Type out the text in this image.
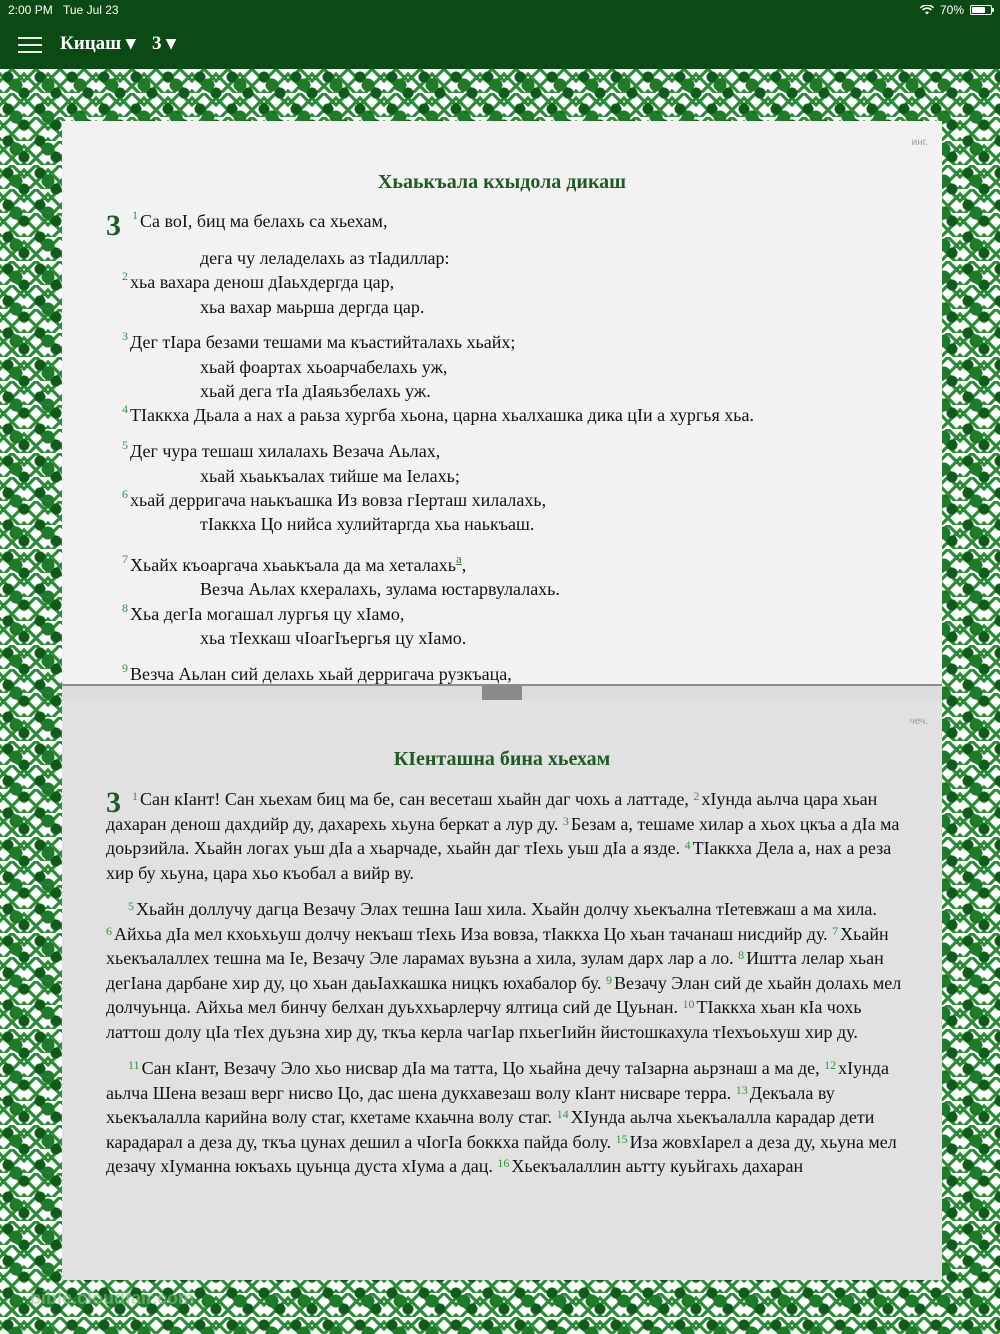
2:00 PM Tue Jul 23	70%
Кицаш ▾ 3 ▾
инг.
Хьаькъала кхыдола дикаш
3 $^1$ Са воI, биц ма белахь са хьехам,
дега чу леладелахь аз тIадиллар:
$^2$ хьа вахара денош дIаьхдергда цар,
хьа вахар маьрша дергда цар.
$^3$ Дег тIара безами тешами ма къастийталахь хьайх;
хьай фоартах хьоарчабелахь уж,
хьай дега тIа дIаяьзбелахь уж.
$^4$ ТIаккха Дьала а нах а раьза хургба хьона, царна хьалхашка дика цIи а хургья хьа.
$^5$ Дег чура тешаш хилалахь Везача Аьлах,
хьай хьаькъалах тийше ма Iелахь;
$^6$ хьай дерригача наькъашка Из вовза гIерташ хилалахь,
тIаккха Цо нийса хулийтаргда хьа наькъаш.
$^7$ Хьайх къоаргача хьаькъала да ма хеталахь$^а$,
Везча Аьлах кхералахь, зулама юстарвулалахь.
$^8$ Хьа дегIа могашал лургья цу хIамо,
хьа тIехкаш чIоагIъергья цу хIамо.
$^9$ Везча Аьлан сий делахь хьай дерригача рузкъаца,
чеч.
КIенташна бина хьехам
3 $^1$ Сан кIант! Сан хьехам биц ма бе, сан весеташ хьайн даг чохь а латтаде, $^2$ хIунда аьлча цара хьан дахаран денош дахдийр ду, дахарехь хьуна беркат а лур ду. $^3$ Безам а, тешаме хилар а хьох цкъа а дIа ма доьрзийла. Хьайн логах уьш дIа а хьарчаде, хьайн даг тIехь уьш дIа а язде. $^4$ ТIаккха Дела а, нах а реза хир бу хьуна, цара хьо къобал а вийр ву.

$^5$ Хьайн доллучу дагца Везачу Элах тешна Iаш хила. Хьайн долчу хьекъална тIетевжаш а ма хила. $^6$ Айхьа дIа мел кхоьхьуш долчу некъаш тIехь Иза вовза, тIаккха Цо хьан тачанаш нисдийр ду. $^7$ Хьайн хьекъалаллех тешна ма Iе, Везачу Эле ларамах вуьзна а хила, зулам дарх лар а ло. $^8$ Иштта лелар хьан дегIана дарбане хир ду, цо хьан даьIахкашка ницкъ юхабалор бу. $^9$ Везачу Элан сий де хьайн долахь мел долчуьнца. Айхьа мел бинчу белхан дуьххьарлерчу ялтица сий де Цуьнан. $^{10}$ ТIаккха хьан кIа чохь латтош долу цIа тIех дуьзна хир ду, ткъа керла чагIар пхьегIийн йистошкахула тIехъоьхуш хир ду.

$^{11}$ Сан кIант, Везачу Эло хьо нисвар дIа ма татта, Цо хьайна дечу таIзарна аьрзнаш а ма де, $^{12}$ хIунда аьлча Шена везаш верг нисво Цо, дас шена дукхавезаш волу кIант нисваре терра. $^{13}$ Декъала ву хьекъалалла карийна волу стаг, кхетаме кхаьчна волу стаг. $^{14}$ ХIунда аьлча хьекъалалла карадар дети карадарал а деза ду, ткъа цунах дешил а чIогIа боккха пайда болу. $^{15}$ Иза жовхIарел а деза ду, хьуна мел дезачу хIуманна юкъахь цуьнца дуста хIума а дац. $^{16}$ Хьекъалаллин аьтту куьйгахь дахаран

bible.cloudfair.com
